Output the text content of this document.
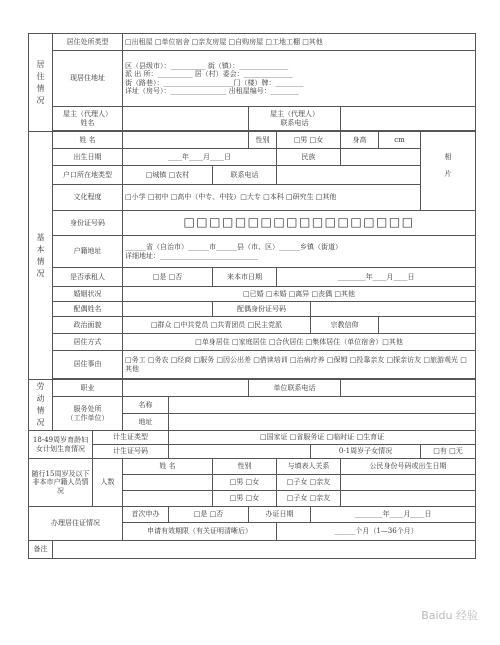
居
住
情
况	居住处所类型		□出租屋 □单位宿舍 □亲友房屋 □自购房屋 □工地工棚 □其他								
	现居住地址		区（县级市）：__________ 街（镇）：______________
派 出 所：__________ 居（村）委会：______________
街（路巷）：____________________门（楼）牌：________
详址（房号）：________________ 出租屋编号：________								

	屋主（代理人）
姓名					屋主（代理人）
联系电话					

基
本
情
况	姓 名					性别	□男 □女		身高	cm	相片
	出生日期		____年____月____日				民族				
	户口所在地类型		□城镇 □农村		联系电话						
	文化程度		□小学 □初中 □高中（中专、中技）□大专 □本科 □研究生 □其他								
	身份证号码		□□□□□□□□□□□□□□□□□□								
	户籍地址		______省（自治市）______市______县（市、区）______乡镇（街道）
详细地址：____________________________								

	是否承租人		□是 □否		来本市日期		________年____月____日				
	婚姻状况		□已婚 □未婚 □离异 □丧偶 □其他								
	配偶姓名				配偶身份证号码						
	政治面貌		□群众 □中共党员 □共青团员 □民主党派					宗教信仰			
	居住方式		□单身居住 □家庭居住 □合伙居住 □集体居住（单位宿舍）□其他								
	居住事由		□务工 □务农 □经商 □服务 □因公出差 □借读培训 □治病疗养 □保姆 □投靠亲友 □探亲访友 □旅游观光 □其他								

劳
动
情
况	职业					单位联系电话					
	服务处所
（工作单位）		名称								
			地址								
18-49周岁育龄妇女计划生育情况		计生证类型		□国家证 □省服务证 □临时证 □生育证							
		计生证号码						0-1周岁子女情况			□有 □无
随行15周岁及以下非本市户籍人员情况		人数	姓 名		性别		与填表人关系		公民身份号码或出生日期		
					□男 □女		□子女 □亲友				
					□男 □女		□子女 □亲友				
办理居住证情况			首次申办	□是 □否		办证日期		________年____月____日			
			申请有效期限（有关证明清晰后）				______个月（1—36个月）				
备注											
Baidu 经验
